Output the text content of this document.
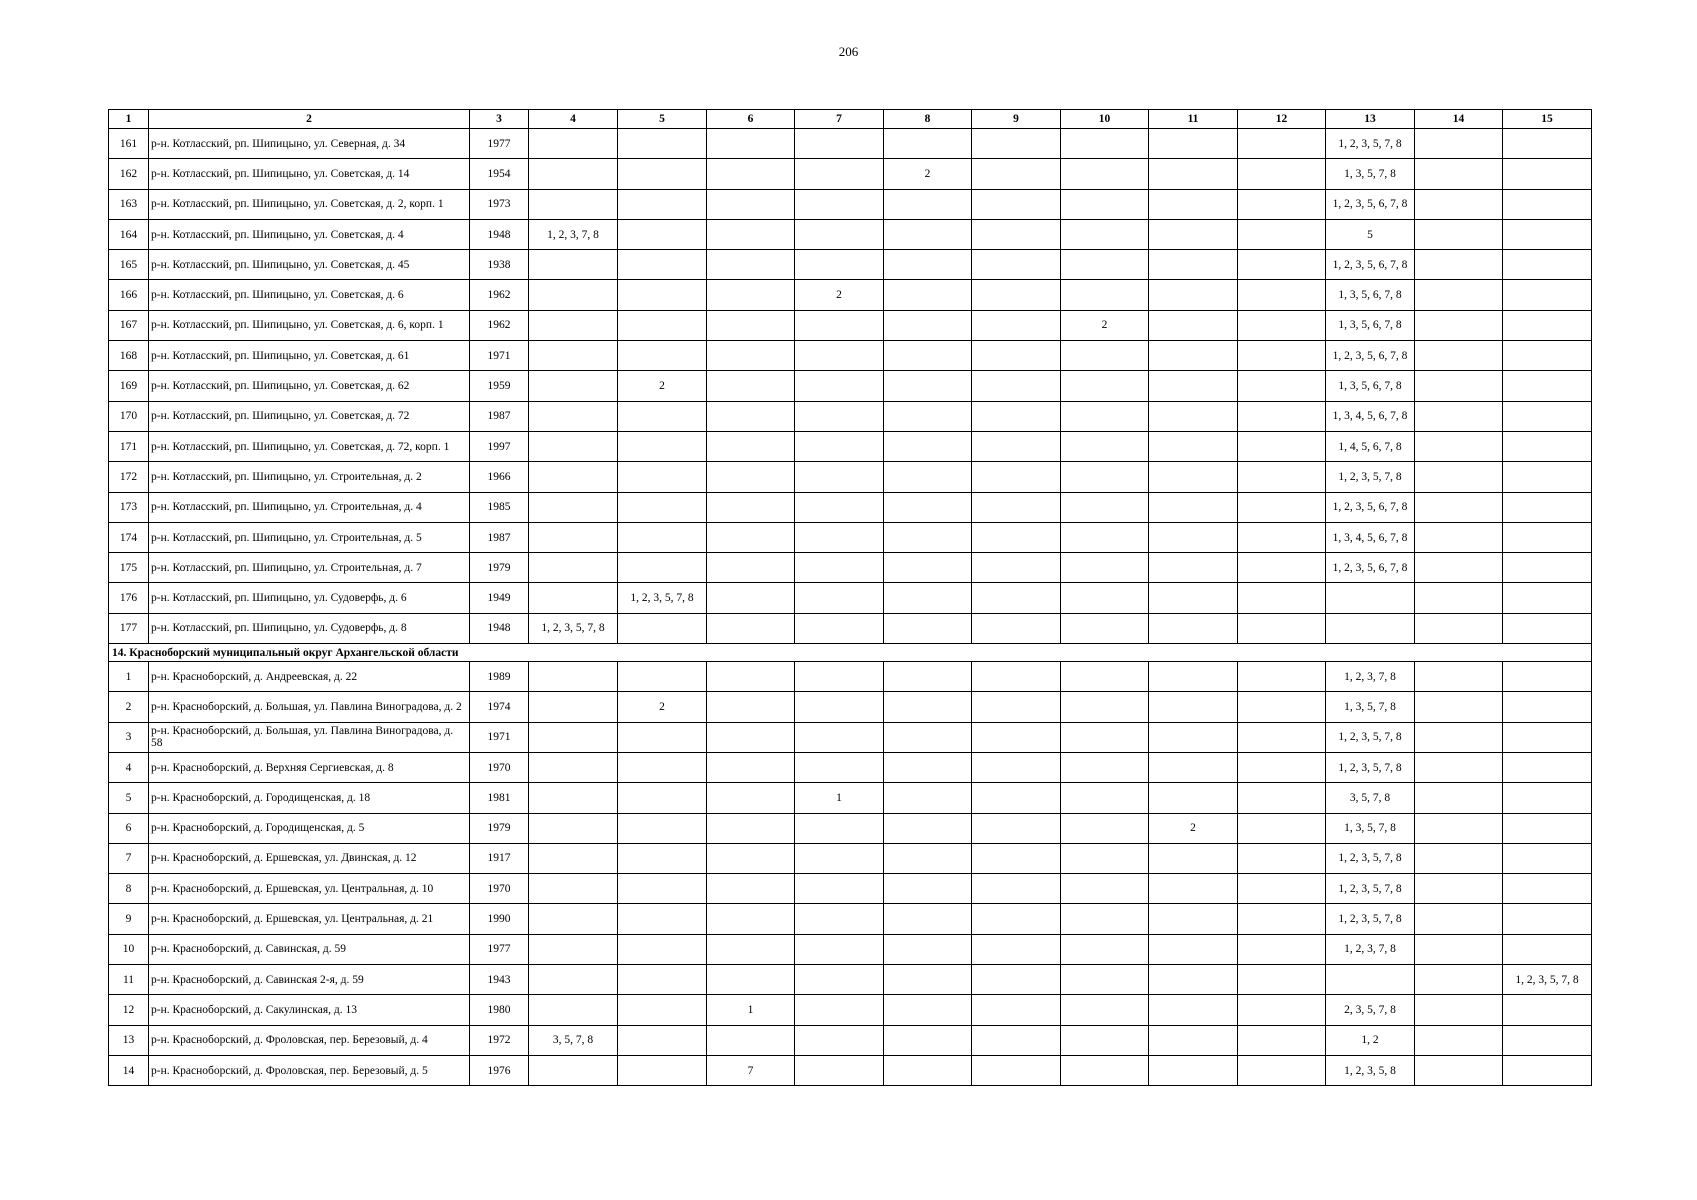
206
1	2	3	4	5	6	7	8	9	10	11	12	13	14	15
161	р-н. Котласский, рп. Шипицыно, ул. Северная, д. 34	1977										1, 2, 3, 5, 7, 8		
162	р-н. Котласский, рп. Шипицыно, ул. Советская, д. 14	1954					2					1, 3, 5, 7, 8		
163	р-н. Котласский, рп. Шипицыно, ул. Советская, д. 2, корп. 1	1973										1, 2, 3, 5, 6, 7, 8		
164	р-н. Котласский, рп. Шипицыно, ул. Советская, д. 4	1948	1, 2, 3, 7, 8									5		
165	р-н. Котласский, рп. Шипицыно, ул. Советская, д. 45	1938										1, 2, 3, 5, 6, 7, 8		
166	р-н. Котласский, рп. Шипицыно, ул. Советская, д. 6	1962				2						1, 3, 5, 6, 7, 8		
167	р-н. Котласский, рп. Шипицыно, ул. Советская, д. 6, корп. 1	1962							2			1, 3, 5, 6, 7, 8		
168	р-н. Котласский, рп. Шипицыно, ул. Советская, д. 61	1971										1, 2, 3, 5, 6, 7, 8		
169	р-н. Котласский, рп. Шипицыно, ул. Советская, д. 62	1959		2								1, 3, 5, 6, 7, 8		
170	р-н. Котласский, рп. Шипицыно, ул. Советская, д. 72	1987										1, 3, 4, 5, 6, 7, 8		
171	р-н. Котласский, рп. Шипицыно, ул. Советская, д. 72, корп. 1	1997										1, 4, 5, 6, 7, 8		
172	р-н. Котласский, рп. Шипицыно, ул. Строительная, д. 2	1966										1, 2, 3, 5, 7, 8		
173	р-н. Котласский, рп. Шипицыно, ул. Строительная, д. 4	1985										1, 2, 3, 5, 6, 7, 8		
174	р-н. Котласский, рп. Шипицыно, ул. Строительная, д. 5	1987										1, 3, 4, 5, 6, 7, 8		
175	р-н. Котласский, рп. Шипицыно, ул. Строительная, д. 7	1979										1, 2, 3, 5, 6, 7, 8		
176	р-н. Котласский, рп. Шипицыно, ул. Судоверфь, д. 6	1949		1, 2, 3, 5, 7, 8										
177	р-н. Котласский, рп. Шипицыно, ул. Судоверфь, д. 8	1948	1, 2, 3, 5, 7, 8											
14. Красноборский муниципальный округ Архангельской области														
1	р-н. Красноборский, д. Андреевская, д. 22	1989										1, 2, 3, 7, 8		
2	р-н. Красноборский, д. Большая, ул. Павлина Виноградова, д. 2	1974		2								1, 3, 5, 7, 8		
3	р-н. Красноборский, д. Большая, ул. Павлина Виноградова, д. 58	1971										1, 2, 3, 5, 7, 8		
4	р-н. Красноборский, д. Верхняя Сергиевская, д. 8	1970										1, 2, 3, 5, 7, 8		
5	р-н. Красноборский, д. Городищенская, д. 18	1981				1						3, 5, 7, 8		
6	р-н. Красноборский, д. Городищенская, д. 5	1979								2		1, 3, 5, 7, 8		
7	р-н. Красноборский, д. Ершевская, ул. Двинская, д. 12	1917										1, 2, 3, 5, 7, 8		
8	р-н. Красноборский, д. Ершевская, ул. Центральная, д. 10	1970										1, 2, 3, 5, 7, 8		
9	р-н. Красноборский, д. Ершевская, ул. Центральная, д. 21	1990										1, 2, 3, 5, 7, 8		
10	р-н. Красноборский, д. Савинская, д. 59	1977										1, 2, 3, 7, 8		
11	р-н. Красноборский, д. Савинская 2-я, д. 59	1943												1, 2, 3, 5, 7, 8
12	р-н. Красноборский, д. Сакулинская, д. 13	1980			1							2, 3, 5, 7, 8		
13	р-н. Красноборский, д. Фроловская, пер. Березовый, д. 4	1972	3, 5, 7, 8									1, 2		
14	р-н. Красноборский, д. Фроловская, пер. Березовый, д. 5	1976			7							1, 2, 3, 5, 8		
